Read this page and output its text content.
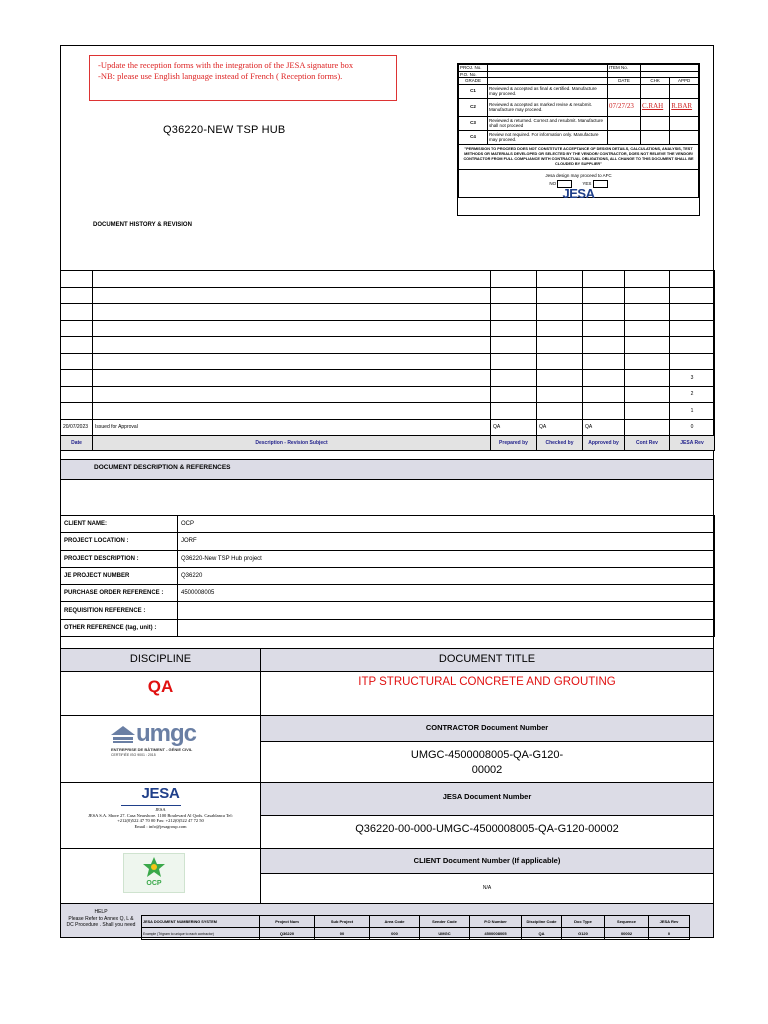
-Update the reception forms with the integration of the JESA signature box
-NB: please use English language instead of French ( Reception forms).
Q36220-NEW TSP HUB
DOCUMENT HISTORY & REVISION
PROJ. No.		ITEM No.		
P.O. No.				
GRADE		DATE	CHK	APPD
C1	Reviewed & accepted as final & certified. Manufacture may proceed.			
C2	Reviewed & accepted as marked revise & resubmit. Manufacture may proceed.	07/27/23	C.RAH	R.BAR
C3	Reviewed & returned. Correct and resubmit. Manufacture shall not proceed			
C4	Review not required. For information only. Manufacture may proceed.			
"PERMISSION TO PROCEED DOES NOT CONSTITUTE ACCEPTANCE OF DESIGN DETAILS, CALCULATIONS, ANALYSIS, TEST METHODS OR MATERIALS DEVELOPED OR SELECTED BY THE VENDOR/ CONTRACTOR, DOES NOT RELIEVE THE VENDOR/ CONTRACTOR FROM FULL COMPLIANCE WITH CONTRACTUAL OBLIGATIONS, ALL CHANGE TO THIS DOCUMENT SHALL BE CLOUDED BY SUPPLIER"				
Jesa design may proceed to AFC				
NO YES				
JESA				

						3
						2
						1
20/07/2023	Issued for Approval	QA	QA	QA		0
Date	Description - Revision Subject	Prepared by	Checked by	Approved by	Cont Rev	JESA Rev
DOCUMENT DESCRIPTION & REFERENCES
CLIENT NAME:	OCP
PROJECT LOCATION :	JORF
PROJECT DESCRIPTION :	Q36220-New TSP Hub project
JE PROJECT NUMBER	Q36220
PURCHASE ORDER REFERENCE :	4500008005
REQUISITION REFERENCE :	
OTHER REFERENCE (tag, unit) :	
DISCIPLINE	DOCUMENT TITLE
QA	ITP STRUCTURAL CONCRETE AND GROUTING
umgc
ENTREPRISE DE BÂTIMENT - GÉNIE CIVIL
CERTIFIÉE ISO 9001 : 2015
CONTRACTOR Document Number
UMGC-4500008005-QA-G120-
00002
JESA
JESA
JESA S.A. Shore 27. Casa Nearshore. 1100 Boulevard Al Qods. Casablanca Tel:
+212(0)522 47 70 00 Fax: +212(0)522 47 72 50
Email : info@jesagroup.com
JESA Document Number
Q36220-00-000-UMGC-4500008005-QA-G120-00002
OCP
CLIENT Document Number (If applicable)
N/A
HELP
Please Refer to Annex Q, L &
DC Procedure . Shall you need
JESA DOCUMENT NUMBERING SYSTEM	Project Num	Sub Project	Area Code	Sender Code	P.O Number	Discipline Code	Doc Type	Sequence	JESA Rev
Example (Trigram to unique to each contractor)	Q36220	00	000	UMGC	4500008005	QA	G120	00002	0
